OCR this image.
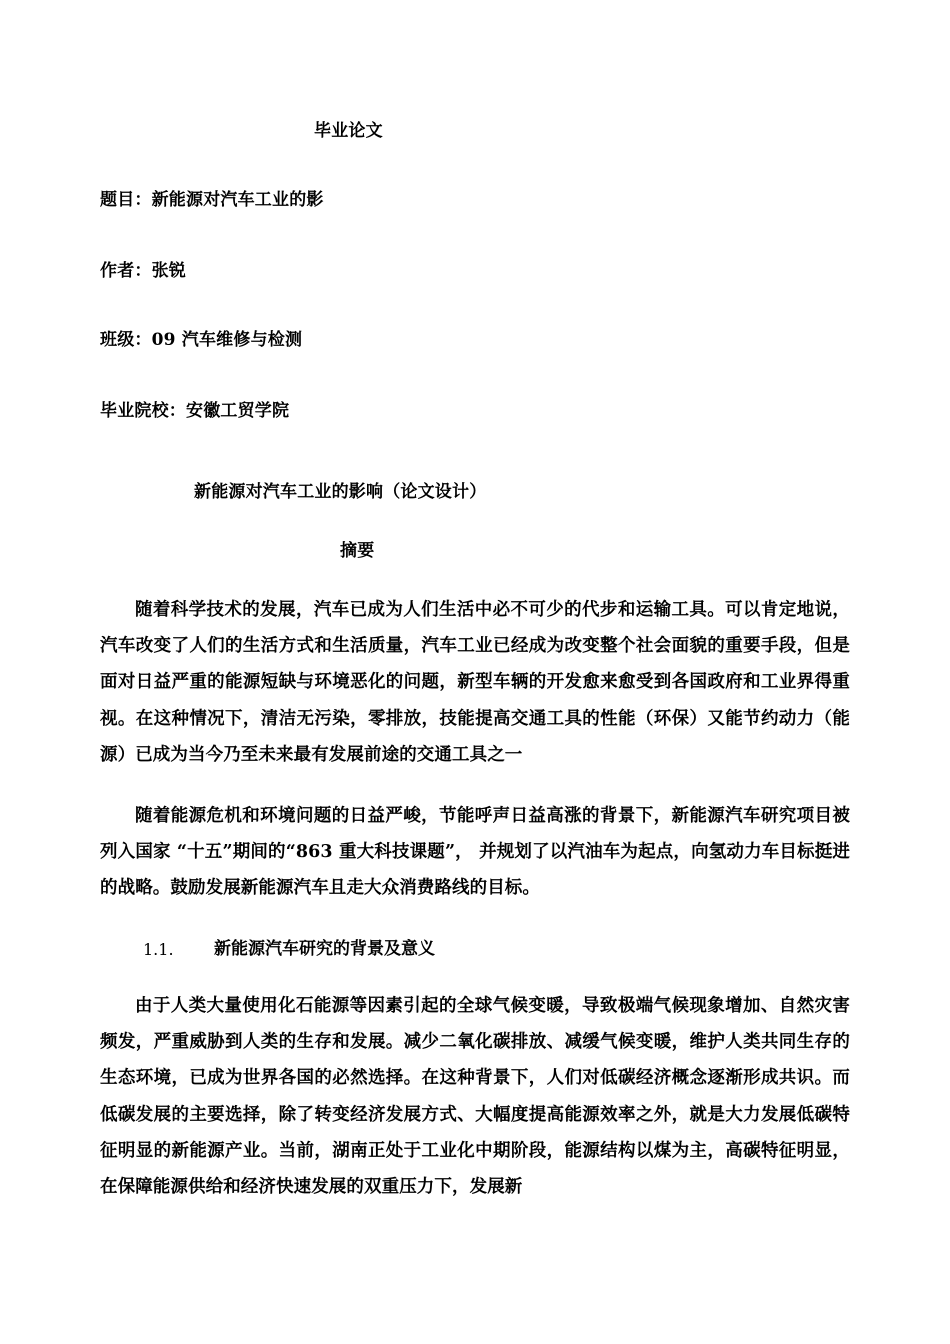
毕业论文
题目：新能源对汽车工业的影
作者：张锐
班级：09 汽车维修与检测
毕业院校：安徽工贸学院
新能源对汽车工业的影响（论文设计）
摘要
随着科学技术的发展，汽车已成为人们生活中必不可少的代步和运输工具。可以肯定地说，汽车改变了人们的生活方式和生活质量，汽车工业已经成为改变整个社会面貌的重要手段，但是面对日益严重的能源短缺与环境恶化的问题，新型车辆的开发愈来愈受到各国政府和工业界得重视。在这种情况下，清洁无污染，零排放，技能提高交通工具的性能（环保）又能节约动力（能源）已成为当今乃至未来最有发展前途的交通工具之一
随着能源危机和环境问题的日益严峻，节能呼声日益高涨的背景下，新能源汽车研究项目被列入国家 “十五”期间的“863 重大科技课题”， 并规划了以汽油车为起点，向氢动力车目标挺进的战略。鼓励发展新能源汽车且走大众消费路线的目标。
1.1. 新能源汽车研究的背景及意义
由于人类大量使用化石能源等因素引起的全球气候变暖，导致极端气候现象增加、自然灾害频发，严重威胁到人类的生存和发展。减少二氧化碳排放、减缓气候变暖，维护人类共同生存的生态环境，已成为世界各国的必然选择。在这种背景下，人们对低碳经济概念逐渐形成共识。而低碳发展的主要选择，除了转变经济发展方式、大幅度提高能源效率之外，就是大力发展低碳特征明显的新能源产业。当前，湖南正处于工业化中期阶段，能源结构以煤为主，高碳特征明显，在保障能源供给和经济快速发展的双重压力下，发展新
